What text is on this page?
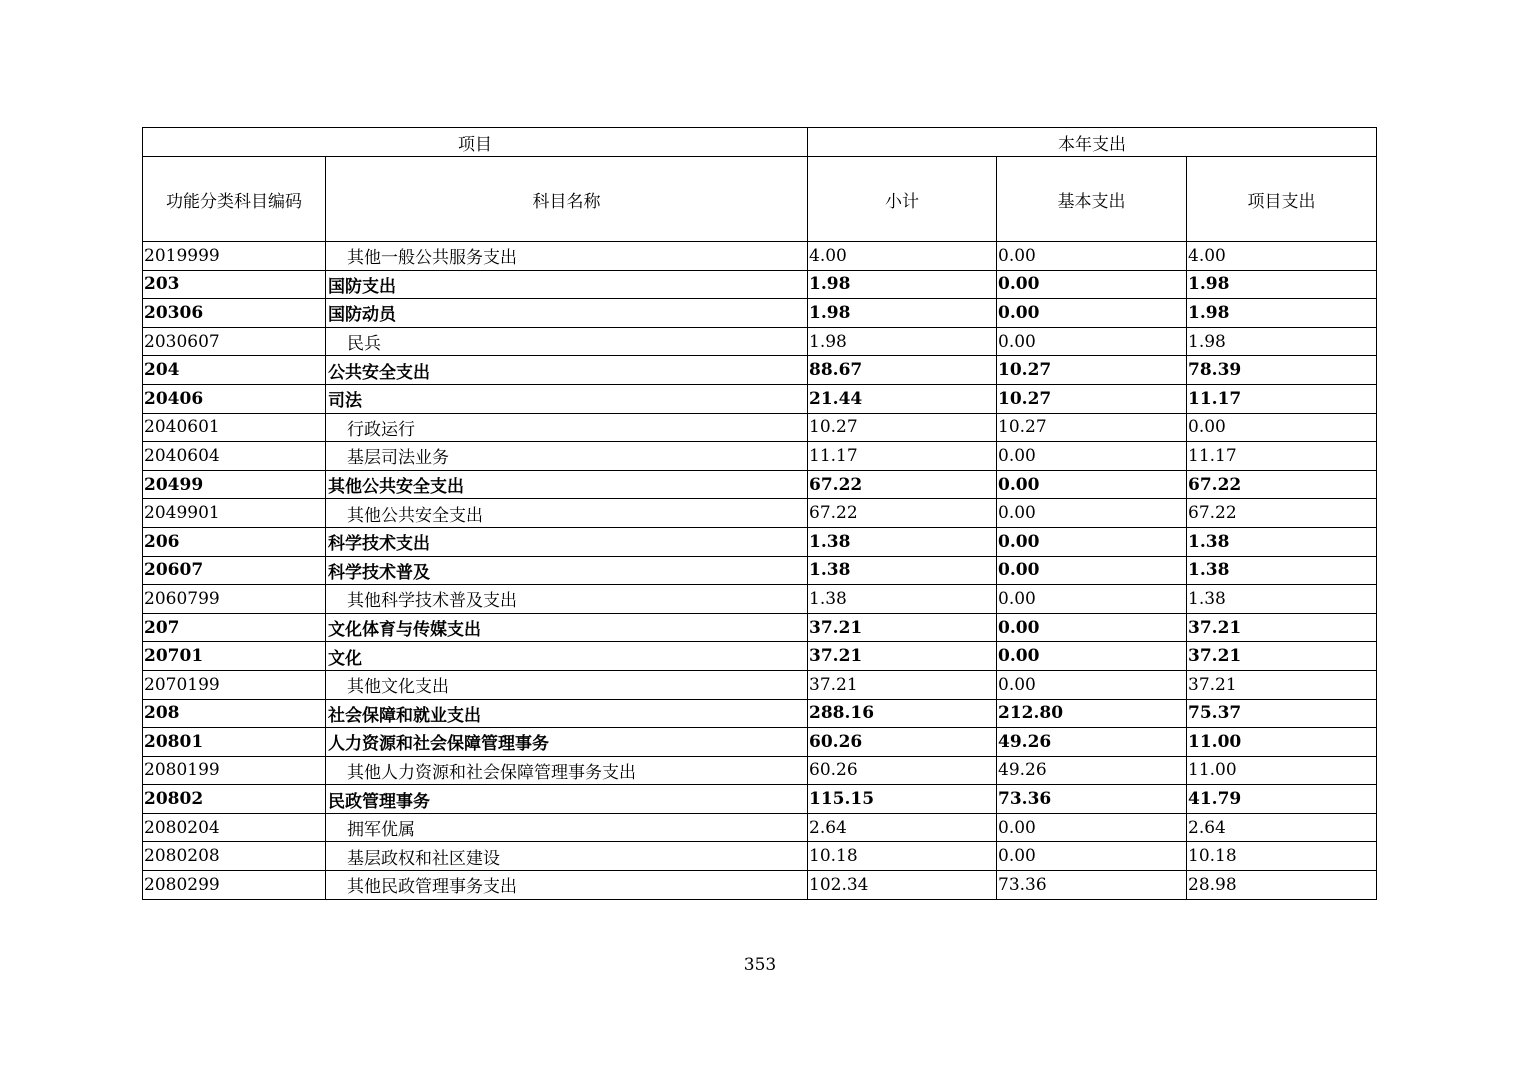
项目		本年支出		
功能分类科目编码	科目名称	小计	基本支出	项目支出
2019999	其他一般公共服务支出	4.00	0.00	4.00
203	国防支出	1.98	0.00	1.98
20306	国防动员	1.98	0.00	1.98
2030607	民兵	1.98	0.00	1.98
204	公共安全支出	88.67	10.27	78.39
20406	司法	21.44	10.27	11.17
2040601	行政运行	10.27	10.27	0.00
2040604	基层司法业务	11.17	0.00	11.17
20499	其他公共安全支出	67.22	0.00	67.22
2049901	其他公共安全支出	67.22	0.00	67.22
206	科学技术支出	1.38	0.00	1.38
20607	科学技术普及	1.38	0.00	1.38
2060799	其他科学技术普及支出	1.38	0.00	1.38
207	文化体育与传媒支出	37.21	0.00	37.21
20701	文化	37.21	0.00	37.21
2070199	其他文化支出	37.21	0.00	37.21
208	社会保障和就业支出	288.16	212.80	75.37
20801	人力资源和社会保障管理事务	60.26	49.26	11.00
2080199	其他人力资源和社会保障管理事务支出	60.26	49.26	11.00
20802	民政管理事务	115.15	73.36	41.79
2080204	拥军优属	2.64	0.00	2.64
2080208	基层政权和社区建设	10.18	0.00	10.18
2080299	其他民政管理事务支出	102.34	73.36	28.98
353
